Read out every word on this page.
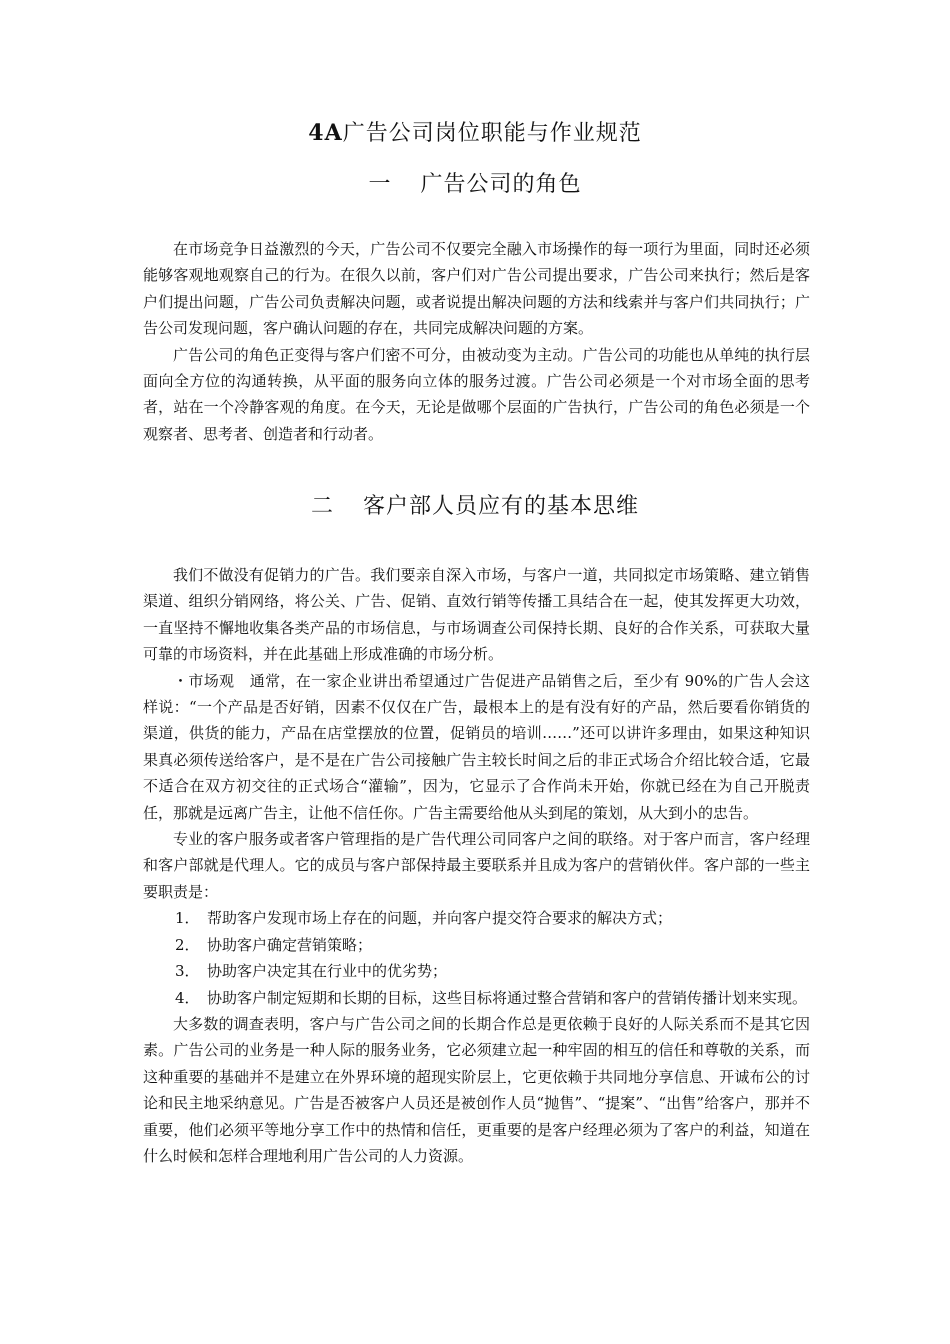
4A广告公司岗位职能与作业规范
一 广告公司的角色

在市场竞争日益激烈的今天，广告公司不仅要完全融入市场操作的每一项行为里面，同时还必须能够客观地观察自己的行为。在很久以前，客户们对广告公司提出要求，广告公司来执行；然后是客户们提出问题，广告公司负责解决问题，或者说提出解决问题的方法和线索并与客户们共同执行；广告公司发现问题，客户确认问题的存在，共同完成解决问题的方案。

广告公司的角色正变得与客户们密不可分，由被动变为主动。广告公司的功能也从单纯的执行层面向全方位的沟通转换，从平面的服务向立体的服务过渡。广告公司必须是一个对市场全面的思考者，站在一个冷静客观的角度。在今天，无论是做哪个层面的广告执行，广告公司的角色必须是一个观察者、思考者、创造者和行动者。

二 客户部人员应有的基本思维

我们不做没有促销力的广告。我们要亲自深入市场，与客户一道，共同拟定市场策略、建立销售渠道、组织分销网络，将公关、广告、促销、直效行销等传播工具结合在一起，使其发挥更大功效，一直坚持不懈地收集各类产品的市场信息，与市场调查公司保持长期、良好的合作关系，可获取大量可靠的市场资料，并在此基础上形成准确的市场分析。

・市场观　通常，在一家企业讲出希望通过广告促进产品销售之后，至少有 90%的广告人会这样说：“一个产品是否好销，因素不仅仅在广告，最根本上的是有没有好的产品，然后要看你销货的渠道，供货的能力，产品在店堂摆放的位置，促销员的培训……”还可以讲许多理由，如果这种知识果真必须传送给客户，是不是在广告公司接触广告主较长时间之后的非正式场合介绍比较合适，它最不适合在双方初交往的正式场合“灌输”，因为，它显示了合作尚未开始，你就已经在为自己开脱责任，那就是远离广告主，让他不信任你。广告主需要给他从头到尾的策划，从大到小的忠告。

专业的客户服务或者客户管理指的是广告代理公司同客户之间的联络。对于客户而言，客户经理和客户部就是代理人。它的成员与客户部保持最主要联系并且成为客户的营销伙伴。客户部的一些主要职责是：

1． 帮助客户发现市场上存在的问题，并向客户提交符合要求的解决方式；
2． 协助客户确定营销策略；
3． 协助客户决定其在行业中的优劣势；
4． 协助客户制定短期和长期的目标，这些目标将通过整合营销和客户的营销传播计划来实现。

大多数的调查表明，客户与广告公司之间的长期合作总是更依赖于良好的人际关系而不是其它因素。广告公司的业务是一种人际的服务业务，它必须建立起一种牢固的相互的信任和尊敬的关系，而这种重要的基础并不是建立在外界环境的超现实阶层上，它更依赖于共同地分享信息、开诚布公的讨论和民主地采纳意见。广告是否被客户人员还是被创作人员“抛售”、“提案”、“出售”给客户，那并不重要，他们必须平等地分享工作中的热情和信任，更重要的是客户经理必须为了客户的利益，知道在什么时候和怎样合理地利用广告公司的人力资源。
